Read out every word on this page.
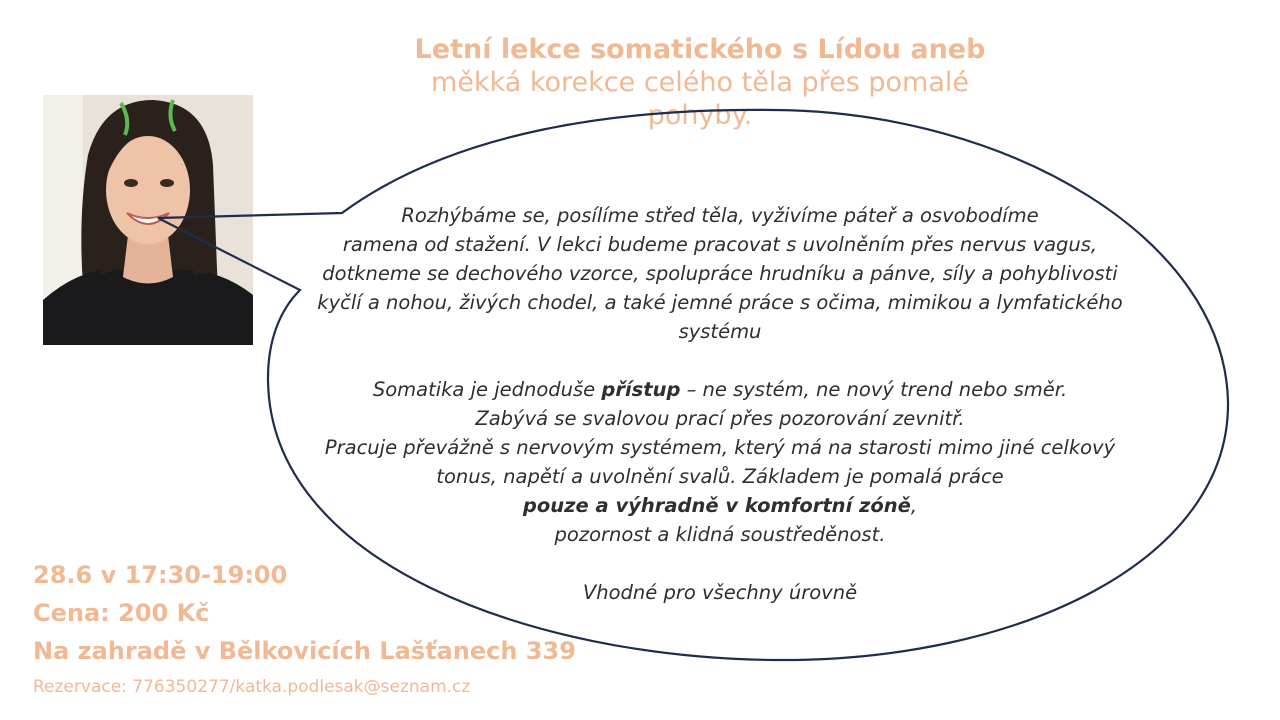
Letní lekce somatického s Lídou aneb
měkká korekce celého těla přes pomalé
pohyby.

Rozhýbáme se, posílíme střed těla, vyživíme páteř a osvobodíme

ramena od stažení. V lekci budeme pracovat s uvolněním přes nervus vagus,

dotkneme se dechového vzorce, spolupráce hrudníku a pánve, síly a pohyblivosti

kyčlí a nohou, živých chodel, a také jemné práce s očima, mimikou a lymfatického

systému

Somatika je jednoduše přístup – ne systém, ne nový trend nebo směr.

Zabývá se svalovou prací přes pozorování zevnitř.

Pracuje převážně s nervovým systémem, který má na starosti mimo jiné celkový

tonus, napětí a uvolnění svalů. Základem je pomalá práce

pouze a výhradně v komfortní zóně,

pozornost a klidná soustředěnost.

Vhodné pro všechny úrovně

28.6 v 17:30-19:00
Cena: 200 Kč
Na zahradě v Bělkovicích Lašťanech 339
Rezervace: 776350277/katka.podlesak@seznam.cz
